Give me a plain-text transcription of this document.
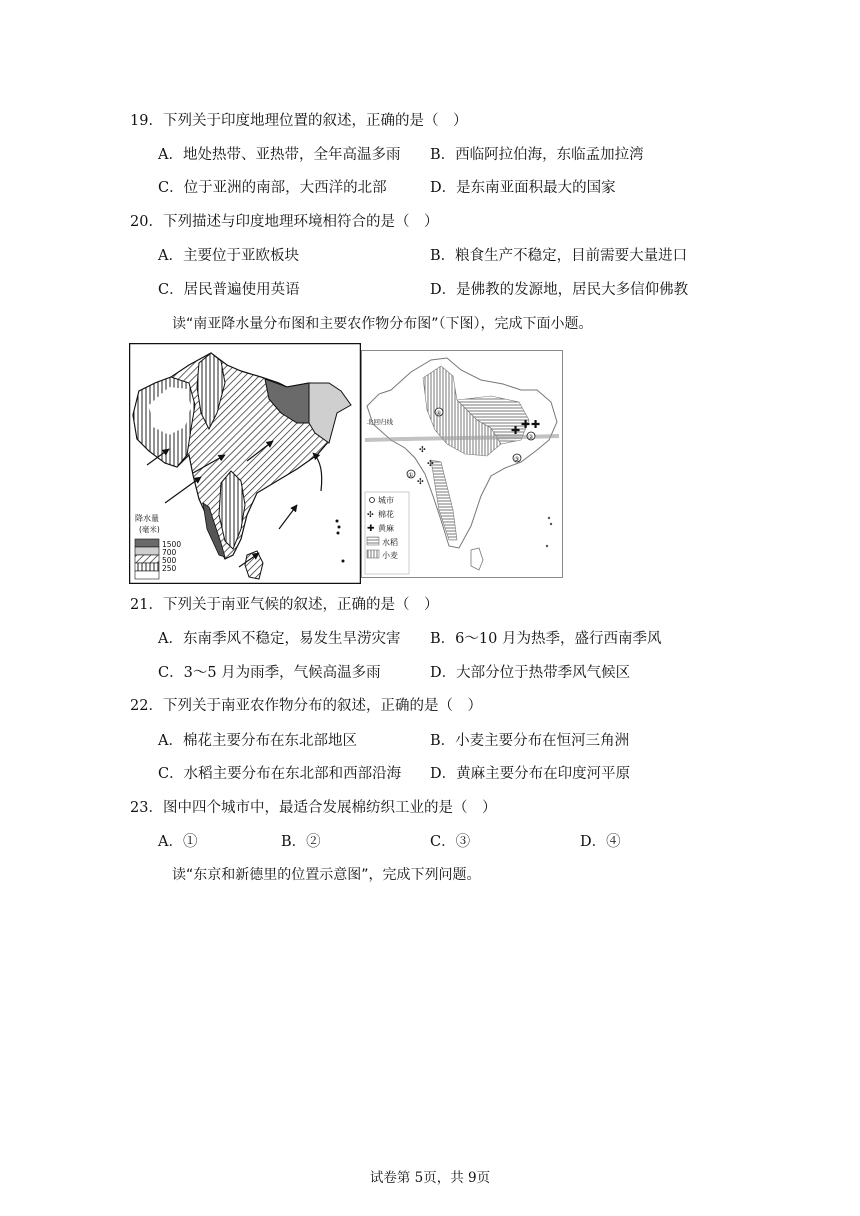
19．下列关于印度地理位置的叙述，正确的是（　）
A．地处热带、亚热带，全年高温多雨 B．西临阿拉伯海，东临孟加拉湾
C．位于亚洲的南部，大西洋的北部	D．是东南亚面积最大的国家
20．下列描述与印度地理环境相符合的是（　）
A．主要位于亚欧板块	B．粮食生产不稳定，目前需要大量进口
C．居民普遍使用英语	D．是佛教的发源地，居民大多信仰佛教
读“南亚降水量分布图和主要农作物分布图”（下图），完成下面小题。
降水量
(毫米)
1500
700
500
250
北回归线
④
②
③
①
✚ ✚ ✚
✣
✣
✣
城市
✣ 棉花
✚ 黄麻
水稻
小麦
21．下列关于南亚气候的叙述，正确的是（　）
A．东南季风不稳定，易发生旱涝灾害 B．6～10 月为热季，盛行西南季风
C．3～5 月为雨季，气候高温多雨	D．大部分位于热带季风气候区
22．下列关于南亚农作物分布的叙述，正确的是（　）
A．棉花主要分布在东北部地区	B．小麦主要分布在恒河三角洲
C．水稻主要分布在东北部和西部沿海 D．黄麻主要分布在印度河平原
23．图中四个城市中，最适合发展棉纺织工业的是（　）
A．①	B．②	C．③	D．④
读“东京和新德里的位置示意图”，完成下列问题。
试卷第 5页，共 9页
